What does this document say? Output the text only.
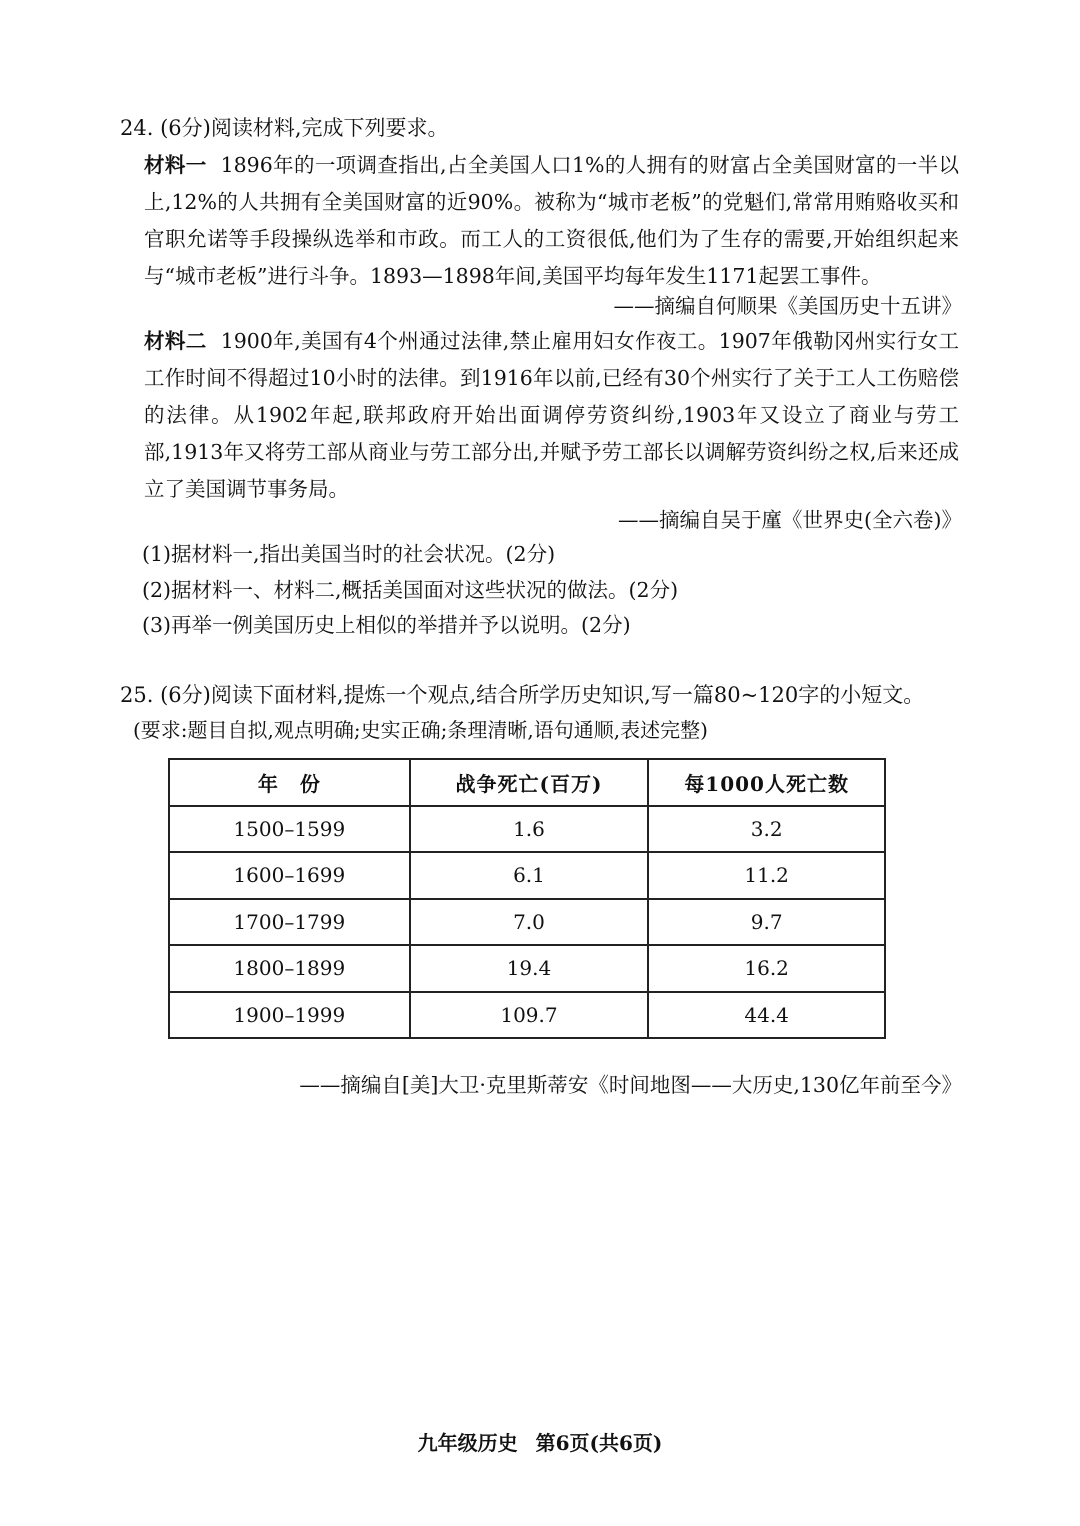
24. (6分)阅读材料,完成下列要求。
材料一 1896年的一项调查指出,占全美国人口1%的人拥有的财富占全美国财富的一半以上,12%的人共拥有全美国财富的近90%。被称为“城市老板”的党魁们,常常用贿赂收买和官职允诺等手段操纵选举和市政。而工人的工资很低,他们为了生存的需要,开始组织起来与“城市老板”进行斗争。1893—1898年间,美国平均每年发生1171起罢工事件。
——摘编自何顺果《美国历史十五讲》
材料二 1900年,美国有4个州通过法律,禁止雇用妇女作夜工。1907年俄勒冈州实行女工工作时间不得超过10小时的法律。到1916年以前,已经有30个州实行了关于工人工伤赔偿的法律。从1902年起,联邦政府开始出面调停劳资纠纷,1903年又设立了商业与劳工部,1913年又将劳工部从商业与劳工部分出,并赋予劳工部长以调解劳资纠纷之权,后来还成立了美国调节事务局。
——摘编自吴于廑《世界史(全六卷)》
(1)据材料一,指出美国当时的社会状况。(2分)
(2)据材料一、材料二,概括美国面对这些状况的做法。(2分)
(3)再举一例美国历史上相似的举措并予以说明。(2分)
25. (6分)阅读下面材料,提炼一个观点,结合所学历史知识,写一篇80~120字的小短文。
(要求:题目自拟,观点明确;史实正确;条理清晰,语句通顺,表述完整)
年　份	战争死亡(百万)	每1000人死亡数
1500–1599	1.6	3.2
1600–1699	6.1	11.2
1700–1799	7.0	9.7
1800–1899	19.4	16.2
1900–1999	109.7	44.4
——摘编自[美]大卫·克里斯蒂安《时间地图——大历史,130亿年前至今》
九年级历史 第6页(共6页)
